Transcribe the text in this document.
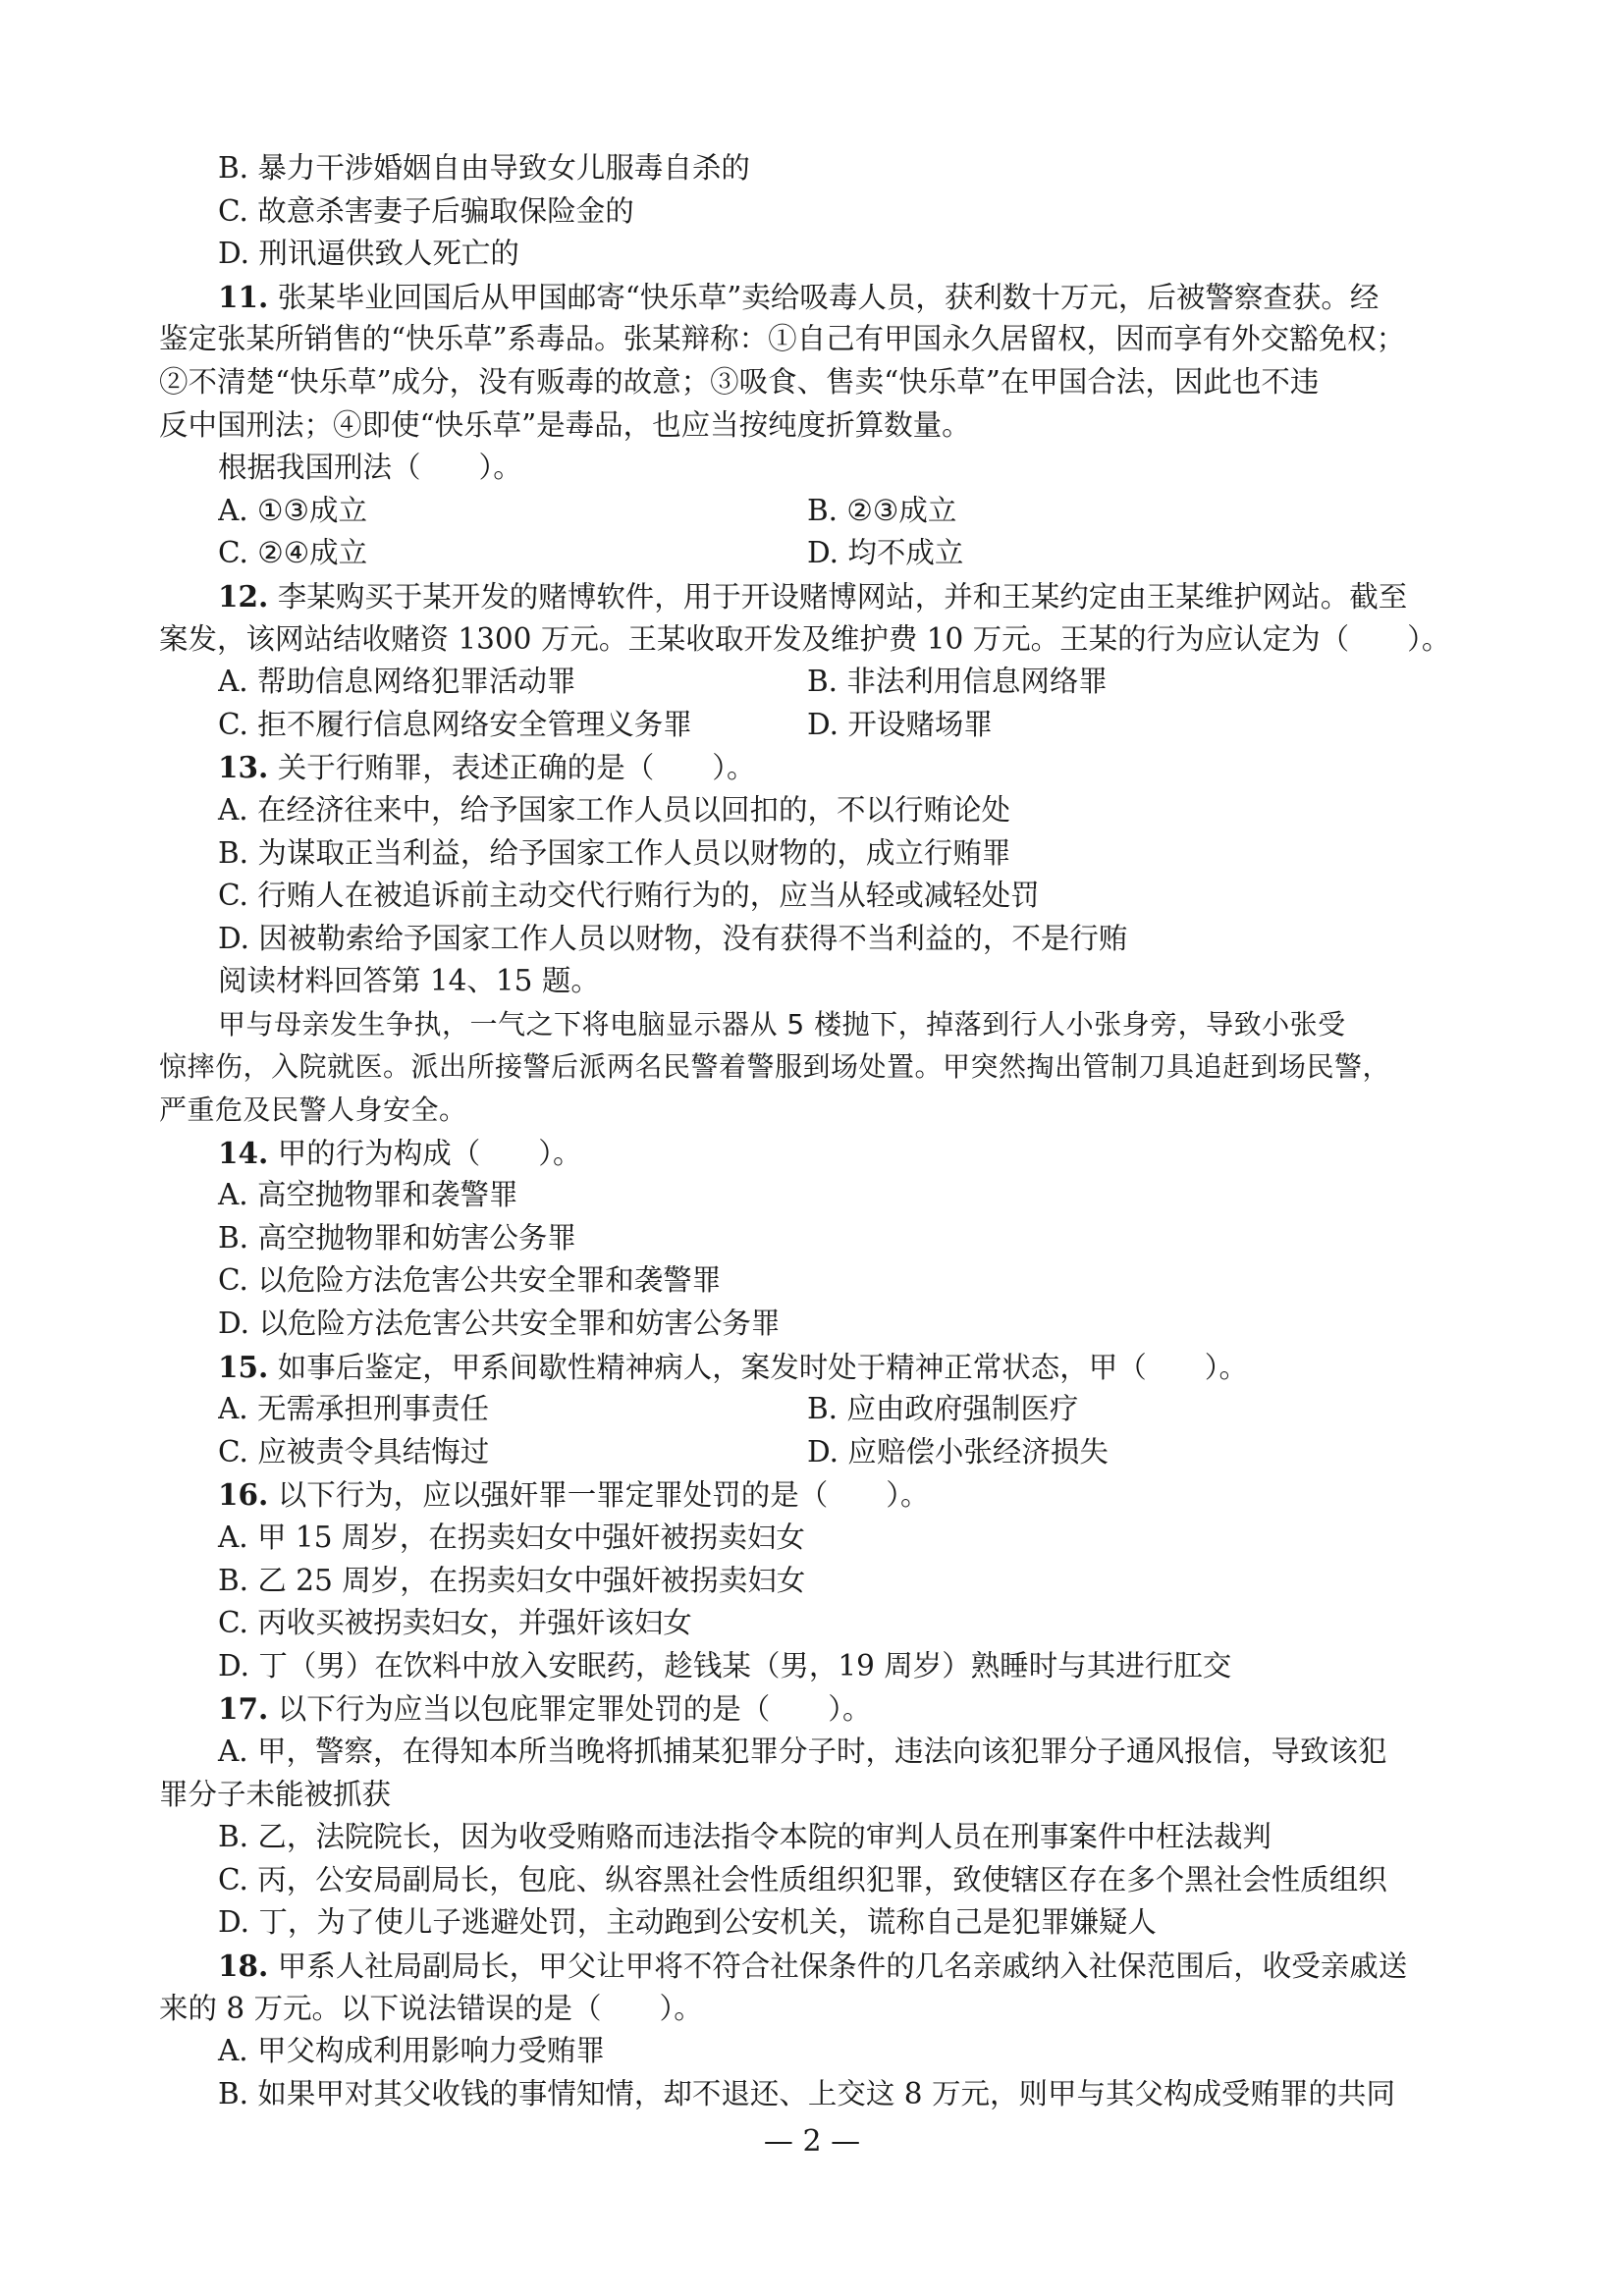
B. 暴力干涉婚姻自由导致女儿服毒自杀的
C. 故意杀害妻子后骗取保险金的
D. 刑讯逼供致人死亡的
11. 张某毕业回国后从甲国邮寄“快乐草”卖给吸毒人员，获利数十万元，后被警察查获。经
鉴定张某所销售的“快乐草”系毒品。张某辩称：①自己有甲国永久居留权，因而享有外交豁免权；
②不清楚“快乐草”成分，没有贩毒的故意；③吸食、售卖“快乐草”在甲国合法，因此也不违
反中国刑法；④即使“快乐草”是毒品，也应当按纯度折算数量。
根据我国刑法（　　）。
A. ①③成立	B. ②③成立
C. ②④成立	D. 均不成立
12. 李某购买于某开发的赌博软件，用于开设赌博网站，并和王某约定由王某维护网站。截至
案发，该网站结收赌资 1300 万元。王某收取开发及维护费 10 万元。王某的行为应认定为（　　）。
A. 帮助信息网络犯罪活动罪	B. 非法利用信息网络罪
C. 拒不履行信息网络安全管理义务罪	D. 开设赌场罪
13. 关于行贿罪，表述正确的是（　　）。
A. 在经济往来中，给予国家工作人员以回扣的，不以行贿论处
B. 为谋取正当利益，给予国家工作人员以财物的，成立行贿罪
C. 行贿人在被追诉前主动交代行贿行为的，应当从轻或减轻处罚
D. 因被勒索给予国家工作人员以财物，没有获得不当利益的，不是行贿
阅读材料回答第 14、15 题。
甲与母亲发生争执，一气之下将电脑显示器从 5 楼抛下，掉落到行人小张身旁，导致小张受
惊摔伤，入院就医。派出所接警后派两名民警着警服到场处置。甲突然掏出管制刀具追赶到场民警，
严重危及民警人身安全。
14. 甲的行为构成（　　）。
A. 高空抛物罪和袭警罪
B. 高空抛物罪和妨害公务罪
C. 以危险方法危害公共安全罪和袭警罪
D. 以危险方法危害公共安全罪和妨害公务罪
15. 如事后鉴定，甲系间歇性精神病人，案发时处于精神正常状态，甲（　　）。
A. 无需承担刑事责任	B. 应由政府强制医疗
C. 应被责令具结悔过	D. 应赔偿小张经济损失
16. 以下行为，应以强奸罪一罪定罪处罚的是（　　）。
A. 甲 15 周岁，在拐卖妇女中强奸被拐卖妇女
B. 乙 25 周岁，在拐卖妇女中强奸被拐卖妇女
C. 丙收买被拐卖妇女，并强奸该妇女
D. 丁（男）在饮料中放入安眠药，趁钱某（男，19 周岁）熟睡时与其进行肛交
17. 以下行为应当以包庇罪定罪处罚的是（　　）。
A. 甲，警察，在得知本所当晚将抓捕某犯罪分子时，违法向该犯罪分子通风报信，导致该犯
罪分子未能被抓获
B. 乙，法院院长，因为收受贿赂而违法指令本院的审判人员在刑事案件中枉法裁判
C. 丙，公安局副局长，包庇、纵容黑社会性质组织犯罪，致使辖区存在多个黑社会性质组织
D. 丁，为了使儿子逃避处罚，主动跑到公安机关，谎称自己是犯罪嫌疑人
18. 甲系人社局副局长，甲父让甲将不符合社保条件的几名亲戚纳入社保范围后，收受亲戚送
来的 8 万元。以下说法错误的是（　　）。
A. 甲父构成利用影响力受贿罪
B. 如果甲对其父收钱的事情知情，却不退还、上交这 8 万元，则甲与其父构成受贿罪的共同
— 2 —
